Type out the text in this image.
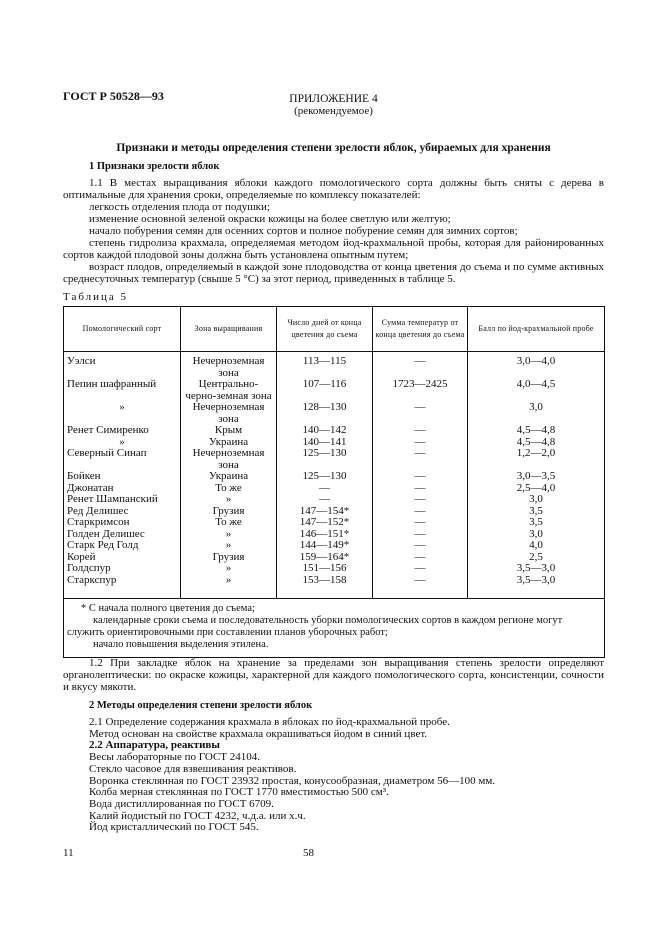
ГОСТ Р 50528—93	ПРИЛОЖЕНИЕ 4
(рекомендуемое)
Признаки и методы определения степени зрелости яблок, убираемых для хранения
1 Признаки зрелости яблок

1.1 В местах выращивания яблоки каждого помологического сорта должны быть сняты с дерева в оптимальные для хранения сроки, определяемые по комплексу показателей:

легкость отделения плода от подушки;

изменение основной зеленой окраски кожицы на более светлую или желтую;

начало побурения семян для осенних сортов и полное побурение семян для зимних сортов;

степень гидролиза крахмала, определяемая методом йод-крахмальной пробы, которая для районированных сортов каждой плодовой зоны должна быть установлена опытным путем;

возраст плодов, определяемый в каждой зоне плодоводства от конца цветения до съема и по сумме активных среднесуточных температур (свыше 5 °С) за этот период, приведенных в таблице 5.

Таблица 5
Помологический сорт	Зона выращивания	Число дней от конца цветения до съема	Сумма температур от конца цветения до съема	Балл по йод-крахмальной пробе
Уэлси	Нечерноземная зона	113—115	—	3,0—4,0
Пепин шафранный	Центрально-черно-земная зона	107—116	1723—2425	4,0—4,5
»	Нечерноземная зона	128—130	—	3,0
Ренет Симиренко	Крым	140—142	—	4,5—4,8
»	Украина	140—141	—	4,5—4,8
Северный Синап	Нечерноземная зона	125—130	—	1,2—2,0
Бойкен	Украина	125—130	—	3,0—3,5
Джонатан	То же	—	—	2,5—4,0
Ренет Шампанский	»	—	—	3,0
Ред Делишес	Грузия	147—154*	—	3,5
Старкримсон	То же	147—152*	—	3,5
Голден Делишес	»	146—151*	—	3,0
Старк Ред Голд	»	144—149*	—	4,0
Корей	Грузия	159—164*	—	2,5
Голдспур	»	151—156	—	3,5—3,0
Старкспур	»	153—158	—	3,5—3,0

* С начала полного цветения до съема;
календарные сроки съема и последовательность уборки помологических сортов в каждом регионе могут служить ориентировочными при составлении планов уборочных работ;
начало повышения выделения этилена.				

1.2 При закладке яблок на хранение за пределами зон выращивания степень зрелости определяют органолептически: по окраске кожицы, характерной для каждого помологического сорта, консистенции, сочности и вкусу мякоти.

2 Методы определения степени зрелости яблок

2.1 Определение содержания крахмала в яблоках по йод-крахмальной пробе.

Метод основан на свойстве крахмала окрашиваться йодом в синий цвет.

2.2 Аппаратура, реактивы

Весы лабораторные по ГОСТ 24104.

Стекло часовое для взвешивания реактивов.

Воронка стеклянная по ГОСТ 23932 простая, конусообразная, диаметром 56—100 мм.

Колба мерная стеклянная по ГОСТ 1770 вместимостью 500 см³.

Вода дистиллированная по ГОСТ 6709.

Калий йодистый по ГОСТ 4232, ч.д.а. или х.ч.

Йод кристаллический по ГОСТ 545.

11	58
